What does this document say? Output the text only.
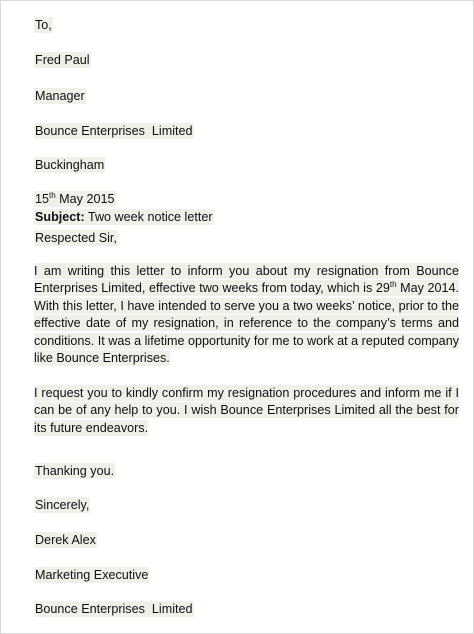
To,
Fred Paul
Manager
Bounce Enterprises  Limited
Buckingham
15th May 2015
Subject: Two week notice letter
Respected Sir,
I am writing this letter to inform you about my resignation from Bounce Enterprises Limited, effective two weeks from today, which is 29th May 2014. With this letter, I have intended to serve you a two weeks’ notice, prior to the effective date of my resignation, in reference to the company’s terms and conditions. It was a lifetime opportunity for me to work at a reputed company like Bounce Enterprises.
I request you to kindly confirm my resignation procedures and inform me if I can be of any help to you. I wish Bounce Enterprises Limited all the best for its future endeavors.
Thanking you.
Sincerely,
Derek Alex
Marketing Executive
Bounce Enterprises  Limited
